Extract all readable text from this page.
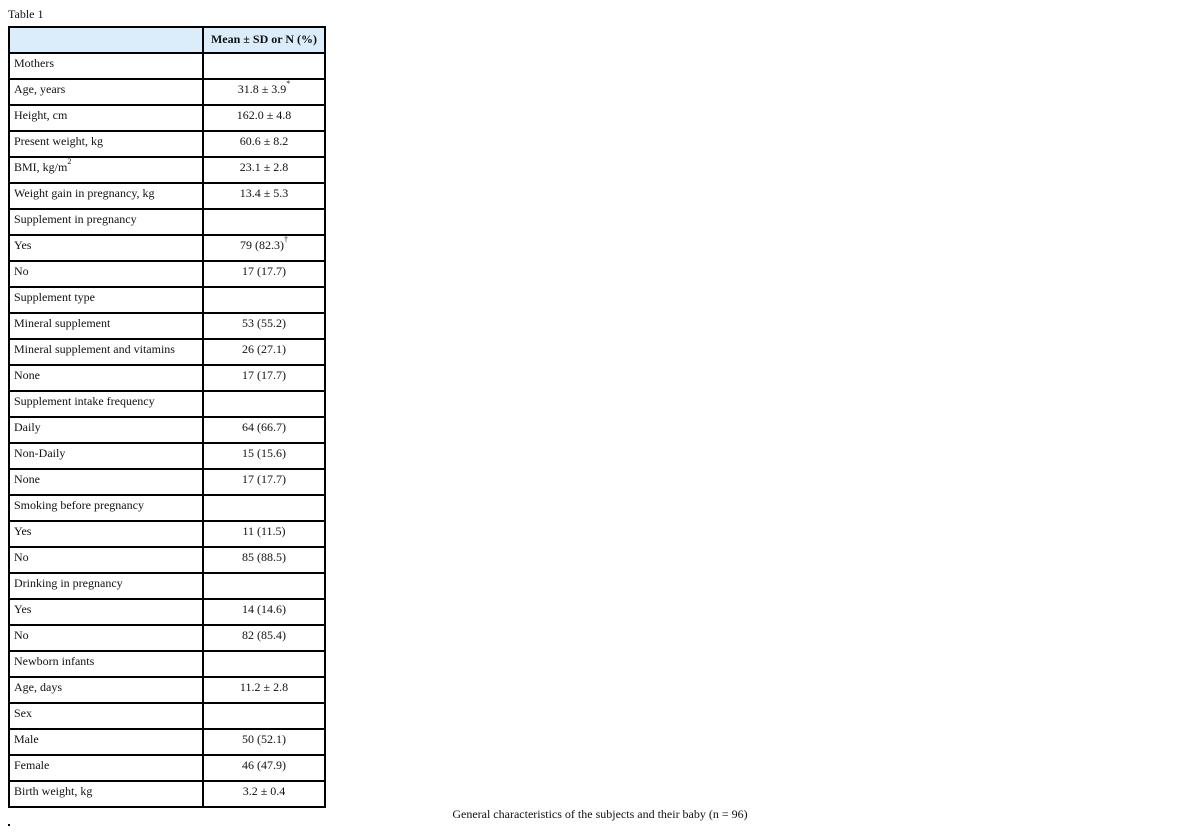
Table 1
	Mean ± SD or N (%)
Mothers	
Age, years	31.8 ± 3.9*
Height, cm	162.0 ± 4.8
Present weight, kg	60.6 ± 8.2
BMI, $kg/m^2$	23.1 ± 2.8
Weight gain in pregnancy, kg	13.4 ± 5.3
Supplement in pregnancy	
Yes	79 (82.3)†
No	17 (17.7)
Supplement type	
Mineral supplement	53 (55.2)
Mineral supplement and vitamins	26 (27.1)
None	17 (17.7)
Supplement intake frequency	
Daily	64 (66.7)
Non-Daily	15 (15.6)
None	17 (17.7)
Smoking before pregnancy	
Yes	11 (11.5)
No	85 (88.5)
Drinking in pregnancy	
Yes	14 (14.6)
No	82 (85.4)
Newborn infants	
Age, days	11.2 ± 2.8
Sex	
Male	50 (52.1)
Female	46 (47.9)
Birth weight, kg	3.2 ± 0.4
General characteristics of the subjects and their baby (n = 96)
